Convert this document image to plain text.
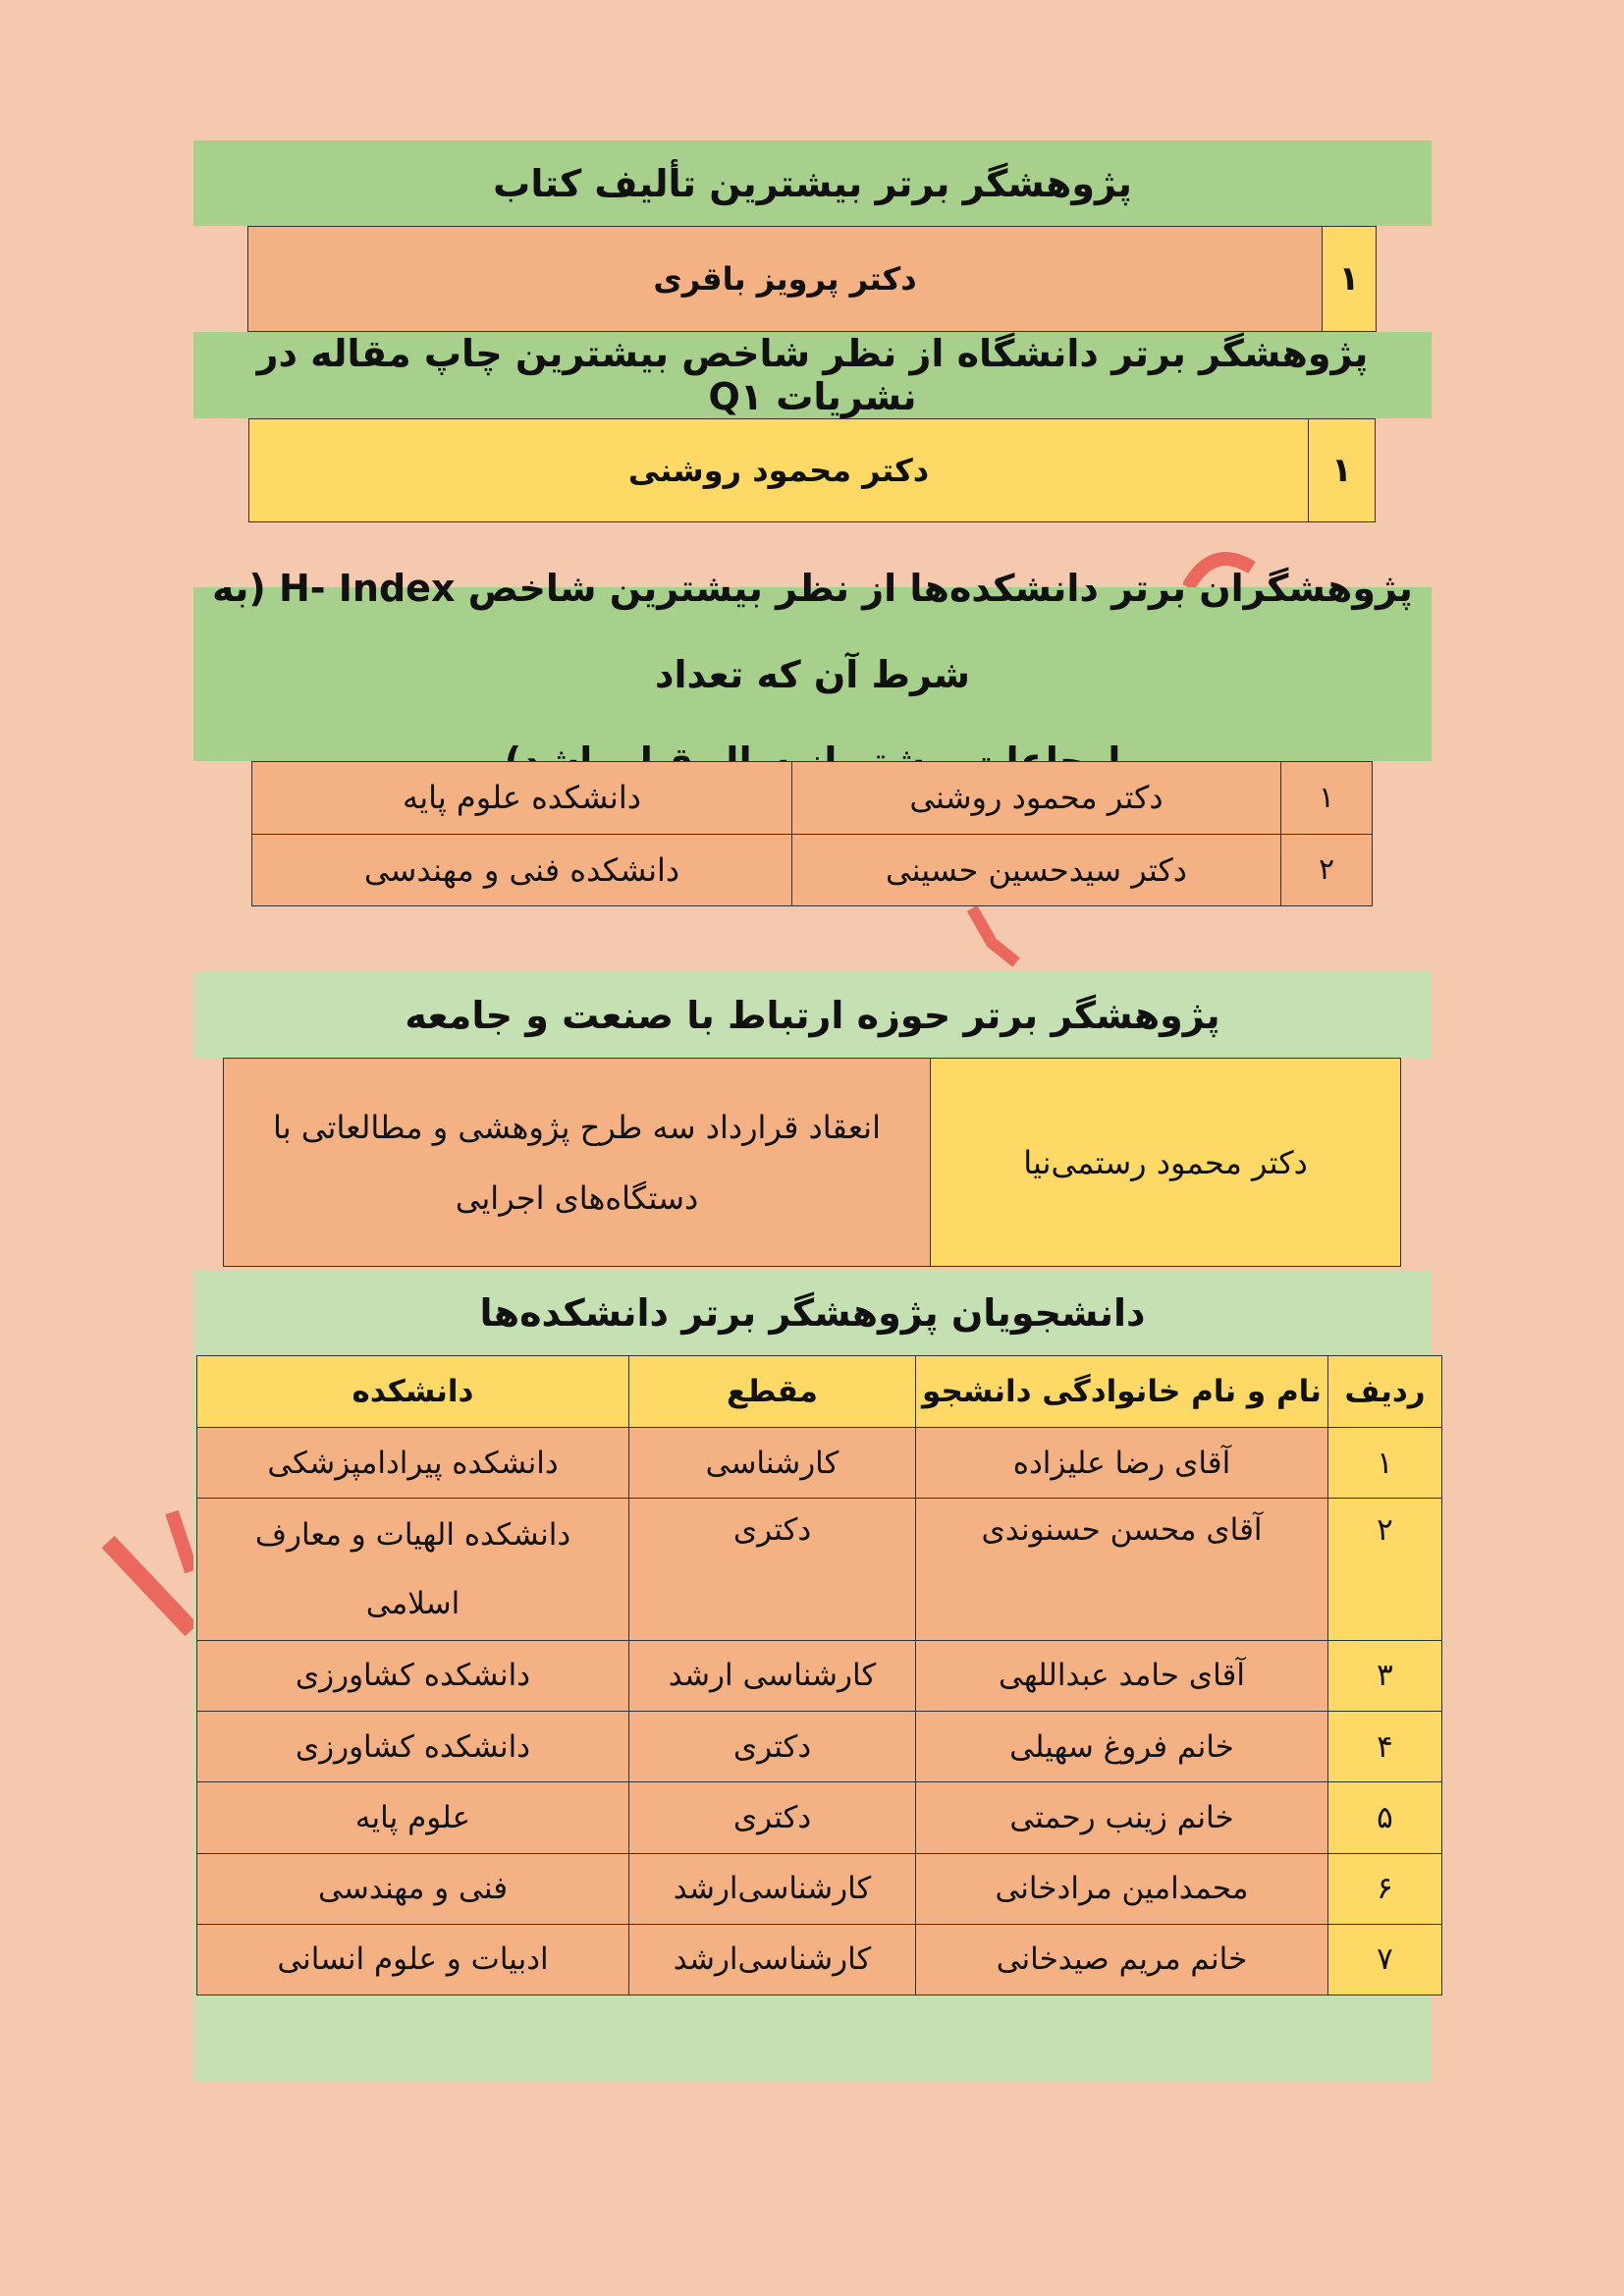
پژوهشگر برتر بیشترین تألیف کتاب
۱	دکتر پرویز باقری
پژوهشگر برتر دانشگاه از نظر شاخص بیشترین چاپ مقاله در نشریات Q۱
۱	دکتر محمود روشنی
پژوهشگران برتر دانشکده‌ها از نظر بیشترین شاخص H- Index (به شرط آن که تعداد
ارجاعات بیشتر از سال قبل باشد)
۱	دکتر محمود روشنی	دانشکده علوم پایه
۲	دکتر سیدحسین حسینی	دانشکده فنی و مهندسی
پژوهشگر برتر حوزه ارتباط با صنعت و جامعه
دکتر محمود رستمی‌نیا	انعقاد قرارداد سه طرح پژوهشی و مطالعاتی با دستگاه‌های اجرایی
دانشجویان پژوهشگر برتر دانشکده‌ها
ردیف	نام و نام خانوادگی دانشجو	مقطع	دانشکده
۱	آقای رضا علیزاده	کارشناسی	دانشکده پیرادامپزشکی
۲	آقای محسن حسنوندی	دکتری	دانشکده الهیات و معارف اسلامی
۳	آقای حامد عبداللهی	کارشناسی ارشد	دانشکده کشاورزی
۴	خانم فروغ سهیلی	دکتری	دانشکده کشاورزی
۵	خانم زینب رحمتی	دکتری	علوم پایه
۶	محمدامین مرادخانی	کارشناسی‌ارشد	فنی و مهندسی
۷	خانم مریم صیدخانی	کارشناسی‌ارشد	ادبیات و علوم انسانی
